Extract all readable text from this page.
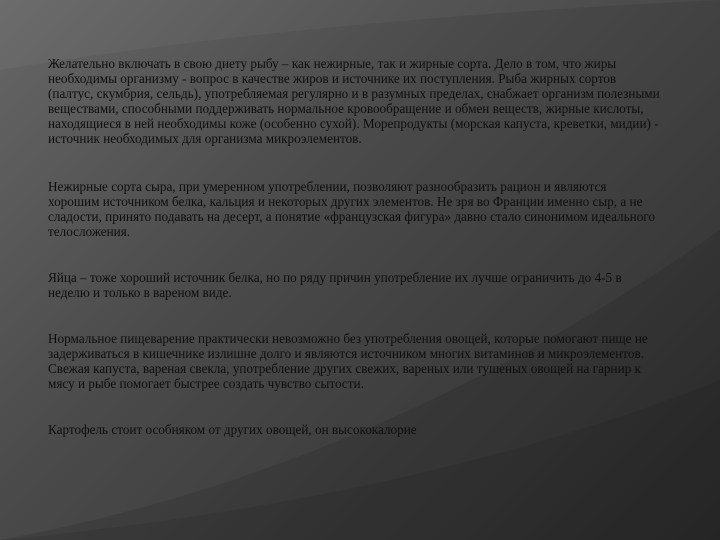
Желательно включать в свою диету рыбу – как нежирные, так и жирные сорта. Дело в том, что жиры необходимы организму - вопрос в качестве жиров и источнике их поступления. Рыба жирных сортов (палтус, скумбрия, сельдь), употребляемая регулярно и в разумных пределах, снабжает организм полезными веществами, способными поддерживать нормальное кровообращение и обмен веществ, жирные кислоты, находящиеся в ней необходимы коже (особенно сухой). Морепродукты (морская капуста, креветки, мидии) - источник необходимых для организма микроэлементов.

Нежирные сорта сыра, при умеренном употреблении, позволяют разнообразить рацион и являются хорошим источником белка, кальция и некоторых других элементов. Не зря во Франции именно сыр, а не сладости, принято подавать на десерт, а понятие «французская фигура» давно стало синонимом идеального телосложения.

Яйца – тоже хороший источник белка, но по ряду причин употребление их лучше ограничить до 4-5 в неделю и только в вареном виде.

Нормальное пищеварение практически невозможно без употребления овощей, которые помогают пище не задерживаться в кишечнике излишне долго и являются источником многих витаминов и микроэлементов. Свежая капуста, вареная свекла, употребление других свежих, вареных или тушеных овощей на гарнир к мясу и рыбе помогает быстрее создать чувство сытости.

Картофель стоит особняком от других овощей, он высококалорие
